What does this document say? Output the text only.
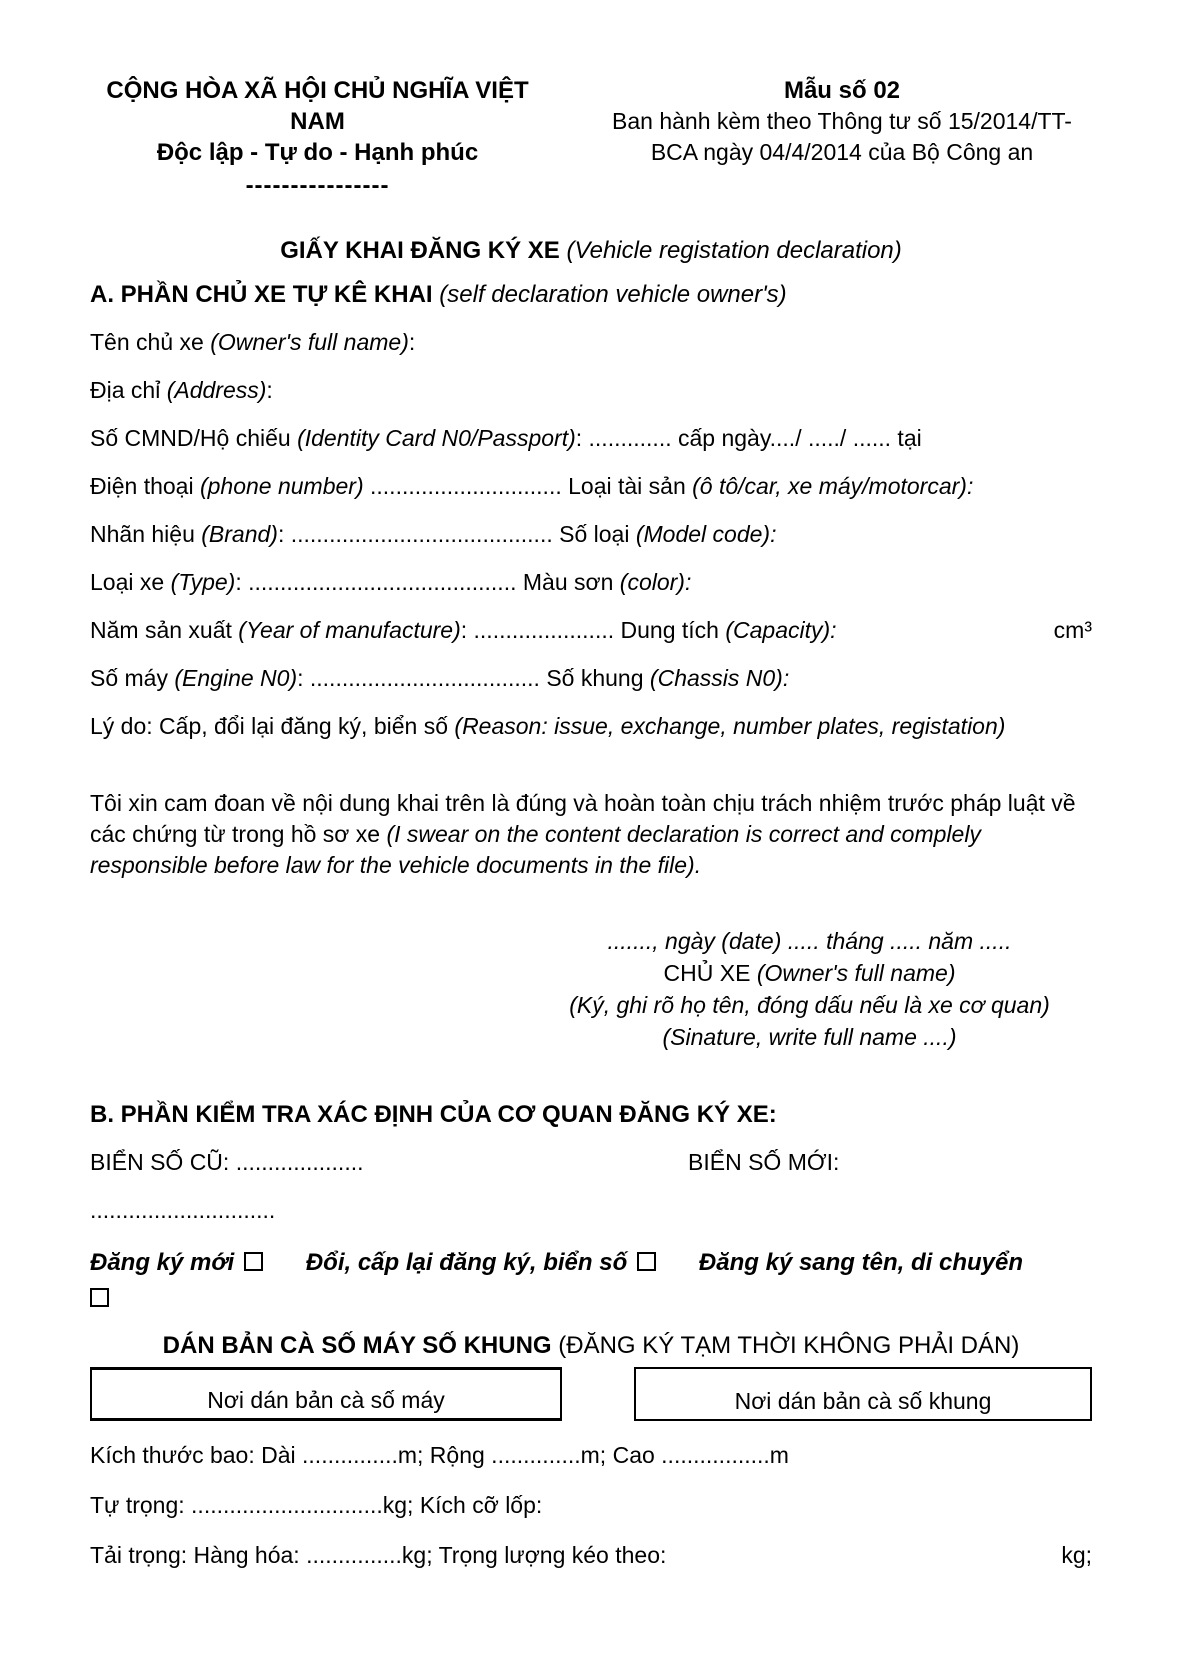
CỘNG HÒA XÃ HỘI CHỦ NGHĨA VIỆT NAM
Độc lập - Tự do - Hạnh phúc
----------------
Mẫu số 02
Ban hành kèm theo Thông tư số 15/2014/TT-BCA ngày 04/4/2014 của Bộ Công an
GIẤY KHAI ĐĂNG KÝ XE (Vehicle registation declaration)
A. PHẦN CHỦ XE TỰ KÊ KHAI (self declaration vehicle owner's)

Tên chủ xe (Owner's full name):

Địa chỉ (Address):

Số CMND/Hộ chiếu (Identity Card N0/Passport): ............. cấp ngày..../ ...../ ...... tại

Điện thoại (phone number) .............................. Loại tài sản (ô tô/car, xe máy/motorcar):

Nhãn hiệu (Brand): ......................................... Số loại (Model code):

Loại xe (Type): .......................................... Màu sơn (color):

Năm sản xuất (Year of manufacture): ...................... Dung tích (Capacity):	cm³

Số máy (Engine N0): .................................... Số khung (Chassis N0):

Lý do: Cấp, đổi lại đăng ký, biển số (Reason: issue, exchange, number plates, registation)

Tôi xin cam đoan về nội dung khai trên là đúng và hoàn toàn chịu trách nhiệm trước pháp luật về các chứng từ trong hồ sơ xe (I swear on the content declaration is correct and complely responsible before law for the vehicle documents in the file).

......., ngày (date) ..... tháng ..... năm .....
CHỦ XE (Owner's full name)
(Ký, ghi rõ họ tên, đóng dấu nếu là xe cơ quan)
(Sinature, write full name ....)
B. PHẦN KIỂM TRA XÁC ĐỊNH CỦA CƠ QUAN ĐĂNG KÝ XE:

BIỂN SỐ CŨ: ....................	BIỂN SỐ MỚI:

.............................

Đăng ký mới	Đổi, cấp lại đăng ký, biển số	Đăng ký sang tên, di chuyển

DÁN BẢN CÀ SỐ MÁY SỐ KHUNG (ĐĂNG KÝ TẠM THỜI KHÔNG PHẢI DÁN)
Nơi dán bản cà số máy	Nơi dán bản cà số khung

Kích thước bao: Dài ...............m; Rộng ..............m; Cao .................m

Tự trọng: ..............................kg; Kích cỡ lốp:

Tải trọng: Hàng hóa: ...............kg; Trọng lượng kéo theo:	kg;
